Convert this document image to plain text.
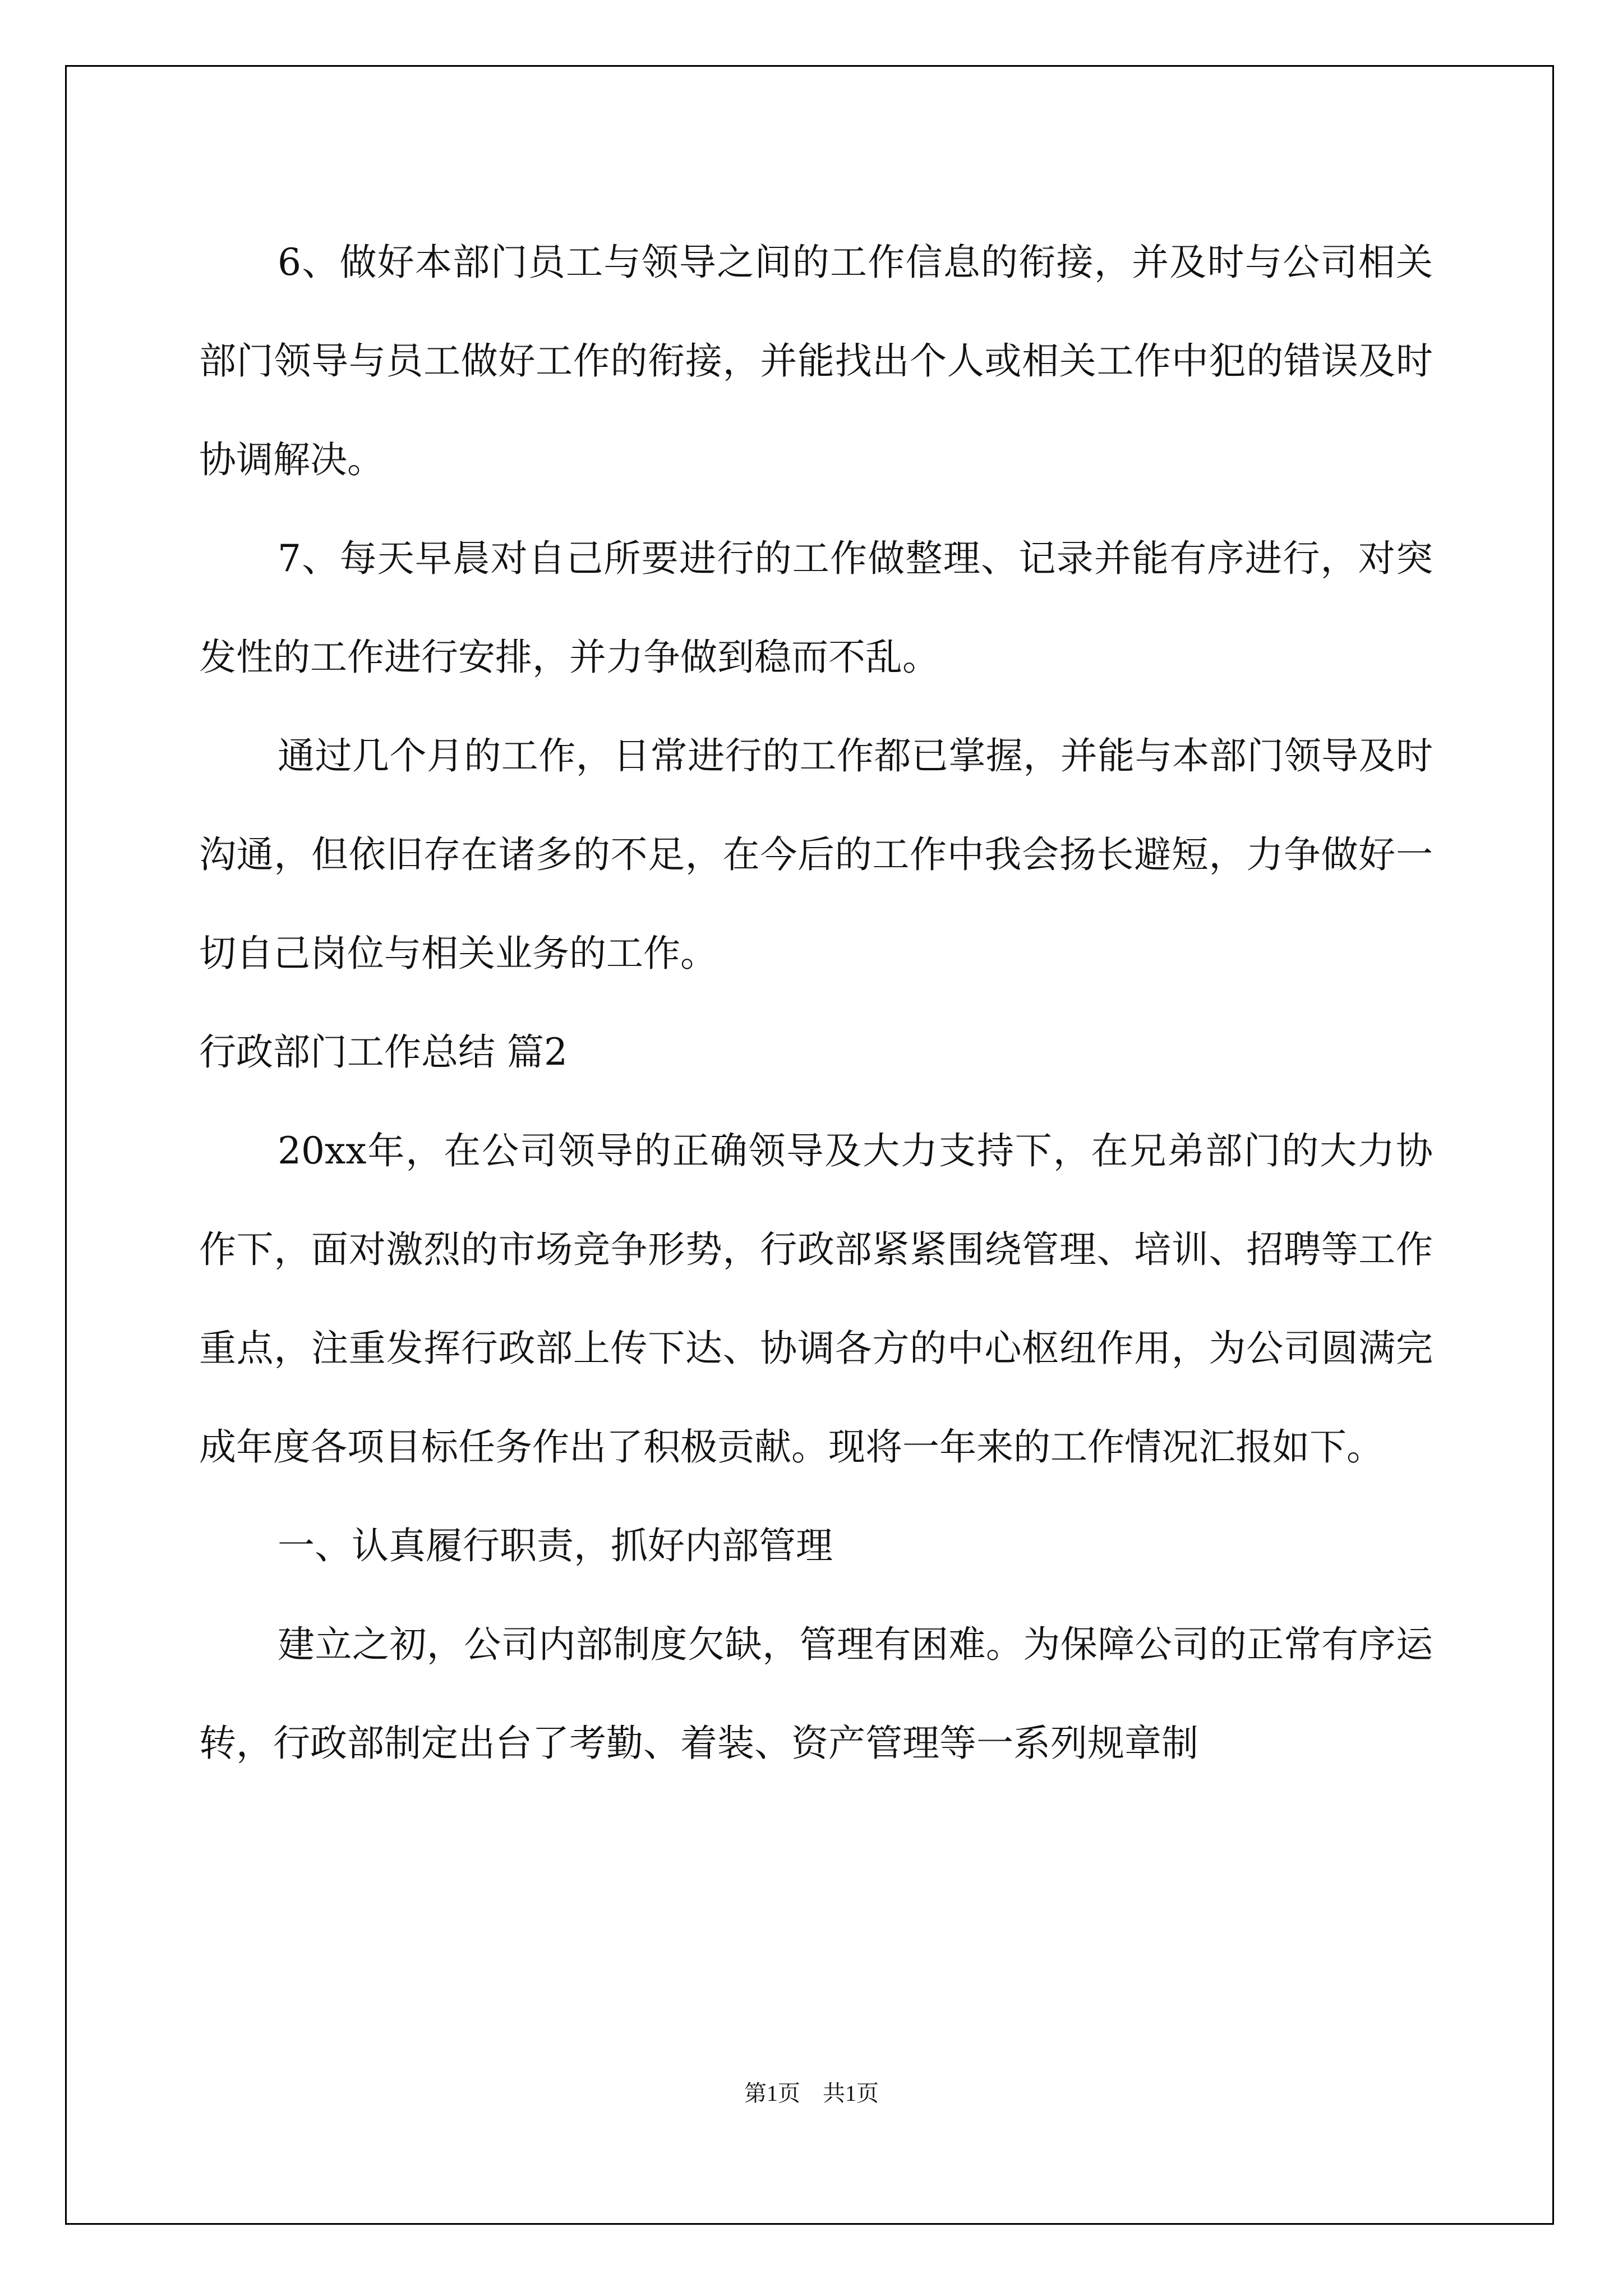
6、做好本部门员工与领导之间的工作信息的衔接，并及时与公司相关部门领导与员工做好工作的衔接，并能找出个人或相关工作中犯的错误及时协调解决。

7、每天早晨对自己所要进行的工作做整理、记录并能有序进行，对突发性的工作进行安排，并力争做到稳而不乱。

通过几个月的工作，日常进行的工作都已掌握，并能与本部门领导及时沟通，但依旧存在诸多的不足，在今后的工作中我会扬长避短，力争做好一切自己岗位与相关业务的工作。

行政部门工作总结 篇2

20xx年，在公司领导的正确领导及大力支持下，在兄弟部门的大力协作下，面对激烈的市场竞争形势，行政部紧紧围绕管理、培训、招聘等工作重点，注重发挥行政部上传下达、协调各方的中心枢纽作用，为公司圆满完成年度各项目标任务作出了积极贡献。现将一年来的工作情况汇报如下。

一、认真履行职责，抓好内部管理

建立之初，公司内部制度欠缺，管理有困难。为保障公司的正常有序运转，行政部制定出台了考勤、着装、资产管理等一系列规章制

第1页　共1页
